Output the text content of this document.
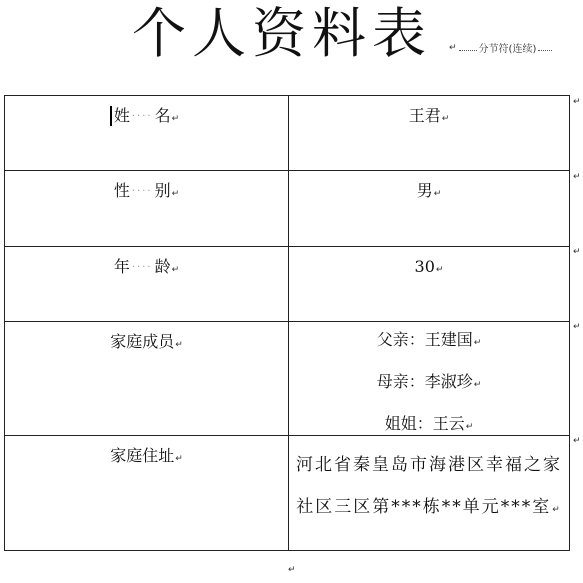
个人资料表 ↵ 分节符(连续)
姓 ···· 名↵	王君↵
性 ···· 别↵	男↵
年 ···· 龄↵	30↵
家庭成员↵	父亲：王建国↵
母亲：李淑珍↵
姐姐：王云↵

家庭住址↵	河北省秦皇岛市海港区幸福之家社区三区第***栋**单元***室↵
↵
↵
↵
↵
↵
↵
